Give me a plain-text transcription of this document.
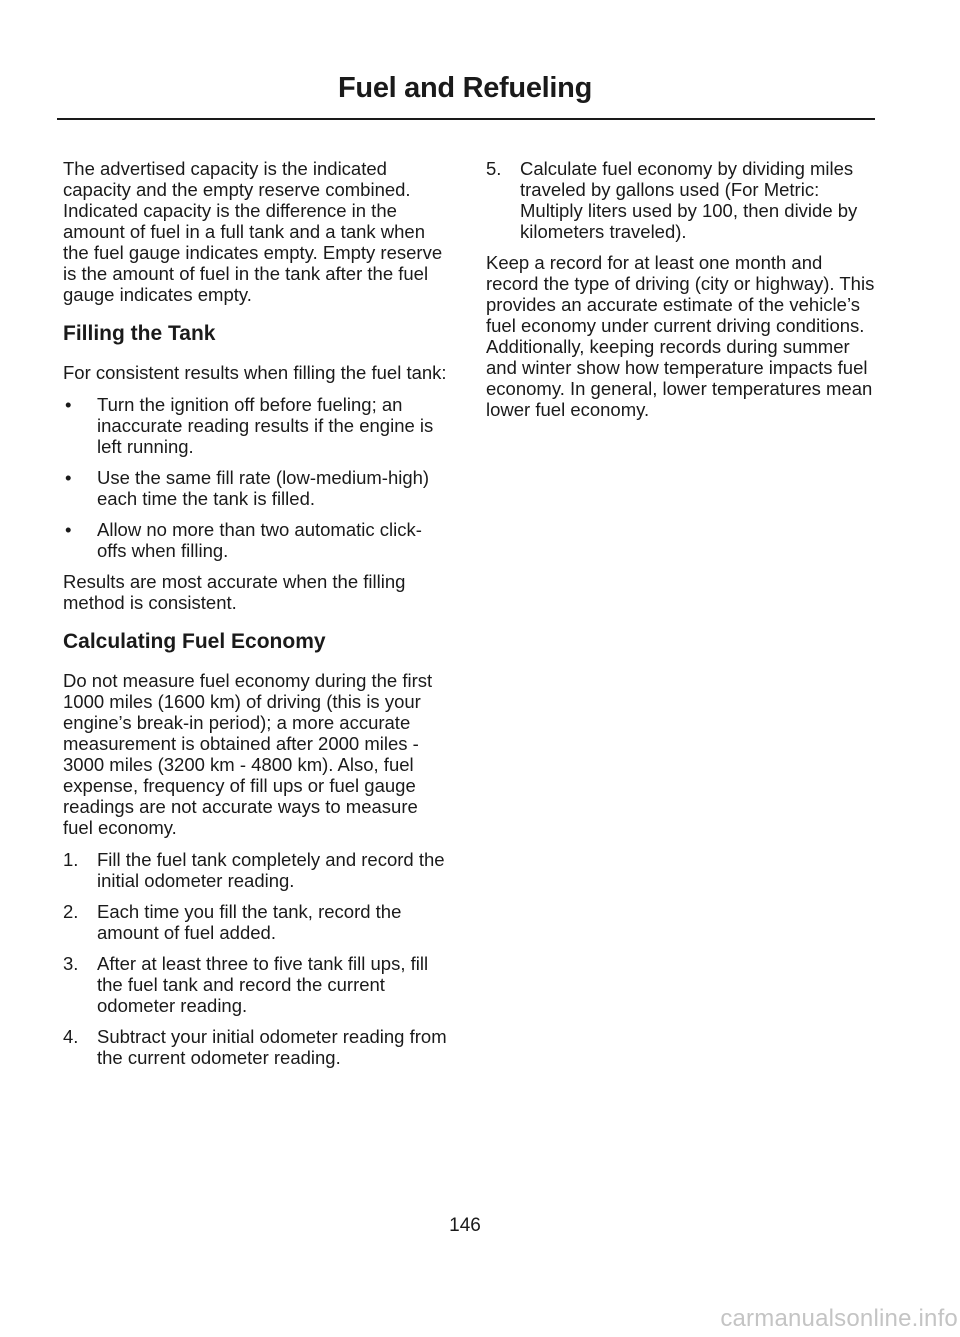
Fuel and Refueling

The advertised capacity is the indicated capacity and the empty reserve combined. Indicated capacity is the difference in the amount of fuel in a full tank and a tank when the fuel gauge indicates empty. Empty reserve is the amount of fuel in the tank after the fuel gauge indicates empty.

Filling the Tank

For consistent results when filling the fuel tank:

• Turn the ignition off before fueling; an inaccurate reading results if the engine is left running.
• Use the same fill rate (low-medium-high) each time the tank is filled.
• Allow no more than two automatic click-offs when filling.

Results are most accurate when the filling method is consistent.

Calculating Fuel Economy

Do not measure fuel economy during the first 1000 miles (1600 km) of driving (this is your engine’s break-in period); a more accurate measurement is obtained after 2000 miles - 3000 miles (3200 km - 4800 km). Also, fuel expense, frequency of fill ups or fuel gauge readings are not accurate ways to measure fuel economy.

1. Fill the fuel tank completely and record the initial odometer reading.
2. Each time you fill the tank, record the amount of fuel added.
3. After at least three to five tank fill ups, fill the fuel tank and record the current odometer reading.
4. Subtract your initial odometer reading from the current odometer reading.
5. Calculate fuel economy by dividing miles traveled by gallons used (For Metric: Multiply liters used by 100, then divide by kilometers traveled).

Keep a record for at least one month and record the type of driving (city or highway). This provides an accurate estimate of the vehicle’s fuel economy under current driving conditions. Additionally, keeping records during summer and winter show how temperature impacts fuel economy. In general, lower temperatures mean lower fuel economy.

146
carmanualsonline.info
